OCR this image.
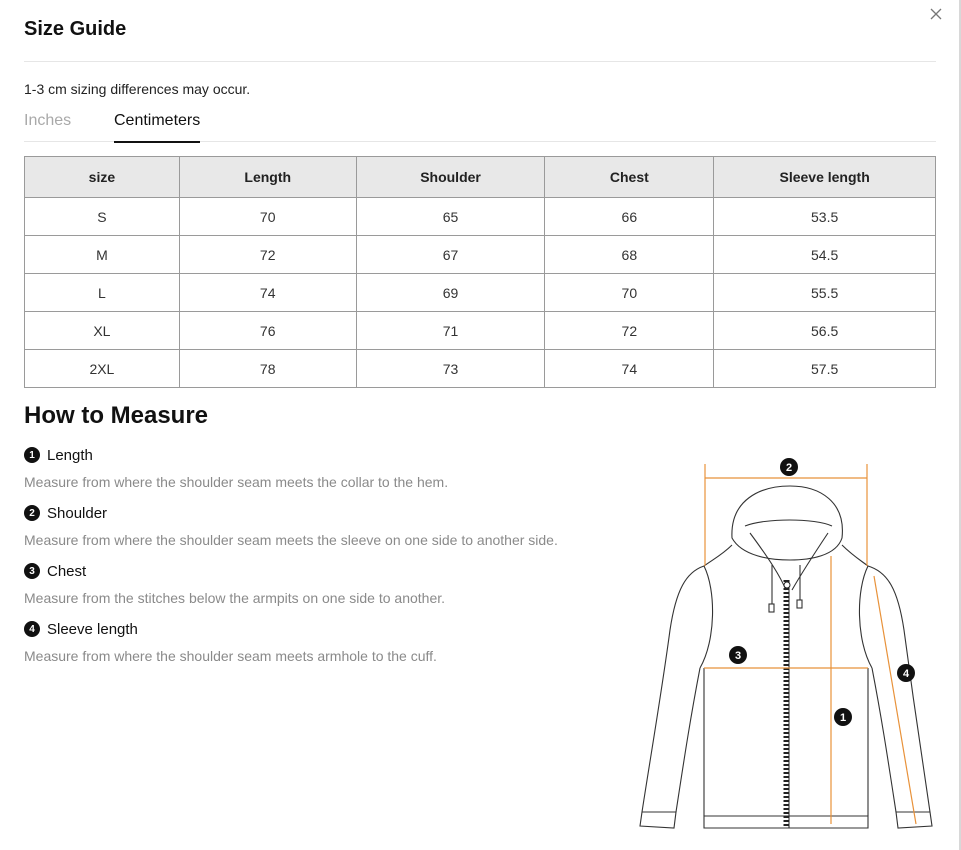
Size Guide
1-3 cm sizing differences may occur.
Inches	Centimeters
size	Length	Shoulder	Chest	Sleeve length
S	70	65	66	53.5
M	72	67	68	54.5
L	74	69	70	55.5
XL	76	71	72	56.5
2XL	78	73	74	57.5
How to Measure
1 Length
Measure from where the shoulder seam meets the collar to the hem.
2 Shoulder
Measure from where the shoulder seam meets the sleeve on one side to another side.
3 Chest
Measure from the stitches below the armpits on one side to another.
4 Sleeve length
Measure from where the shoulder seam meets armhole to the cuff.
2
3
4
1
